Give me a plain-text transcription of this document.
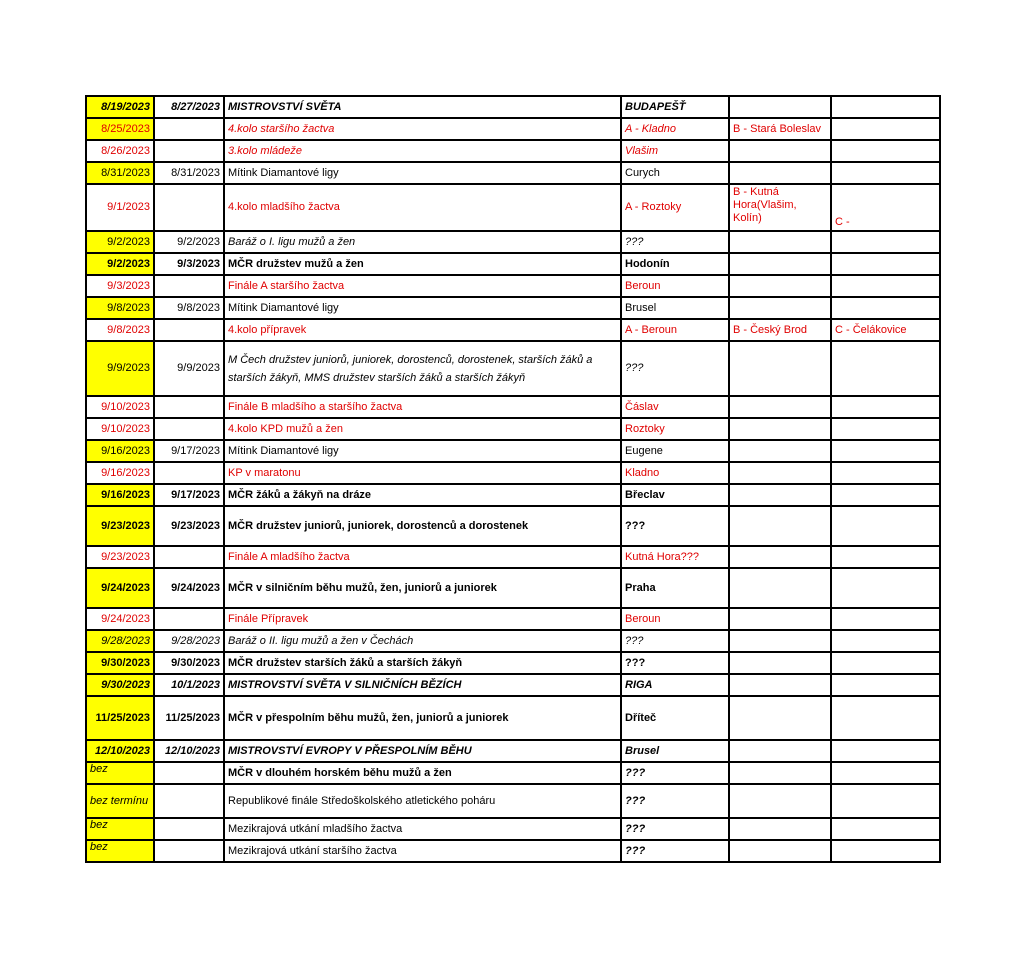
8/19/2023	8/27/2023	MISTROVSTVÍ SVĚTA	BUDAPEŠŤ		
8/25/2023		4.kolo staršího žactva	A - Kladno	B - Stará Boleslav	
8/26/2023		3.kolo mládeže	Vlašim		
8/31/2023	8/31/2023	Mítink Diamantové ligy	Curych		
9/1/2023		4.kolo mladšího žactva	A - Roztoky	B - Kutná Hora(Vlašim, Kolín)	C -
9/2/2023	9/2/2023	Baráž o I. ligu mužů a žen	???		
9/2/2023	9/3/2023	MČR družstev mužů a žen	Hodonín		
9/3/2023		Finále A staršího žactva	Beroun		
9/8/2023	9/8/2023	Mítink Diamantové ligy	Brusel		
9/8/2023		4.kolo přípravek	A - Beroun	B - Český Brod	C - Čelákovice
9/9/2023	9/9/2023	M Čech družstev juniorů, juniorek, dorostenců, dorostenek, starších žáků a starších žákyň, MMS družstev starších žáků a starších žákyň	???		
9/10/2023		Finále B mladšího a staršího žactva	Čáslav		
9/10/2023		4.kolo KPD mužů a žen	Roztoky		
9/16/2023	9/17/2023	Mítink Diamantové ligy	Eugene		
9/16/2023		KP v maratonu	Kladno		
9/16/2023	9/17/2023	MČR žáků a žákyň na dráze	Břeclav		
9/23/2023	9/23/2023	MČR družstev juniorů, juniorek, dorostenců a dorostenek	???		
9/23/2023		Finále A mladšího žactva	Kutná Hora???		
9/24/2023	9/24/2023	MČR v silničním běhu mužů, žen, juniorů a juniorek	Praha		
9/24/2023		Finále Přípravek	Beroun		
9/28/2023	9/28/2023	Baráž o II. ligu mužů a žen v Čechách	???		
9/30/2023	9/30/2023	MČR družstev starších žáků a starších žákyň	???		
9/30/2023	10/1/2023	MISTROVSTVÍ SVĚTA V SILNIČNÍCH BĚZÍCH	RIGA		
11/25/2023	11/25/2023	MČR v přespolním běhu mužů, žen, juniorů a juniorek	Dříteč		
12/10/2023	12/10/2023	MISTROVSTVÍ EVROPY V PŘESPOLNÍM BĚHU	Brusel		
bez		MČR v dlouhém horském běhu mužů a žen	???		
bez termínu		Republikové finále Středoškolského atletického poháru	???		
bez		Mezikrajová utkání mladšího žactva	???		
bez		Mezikrajová utkání staršího žactva	???		
